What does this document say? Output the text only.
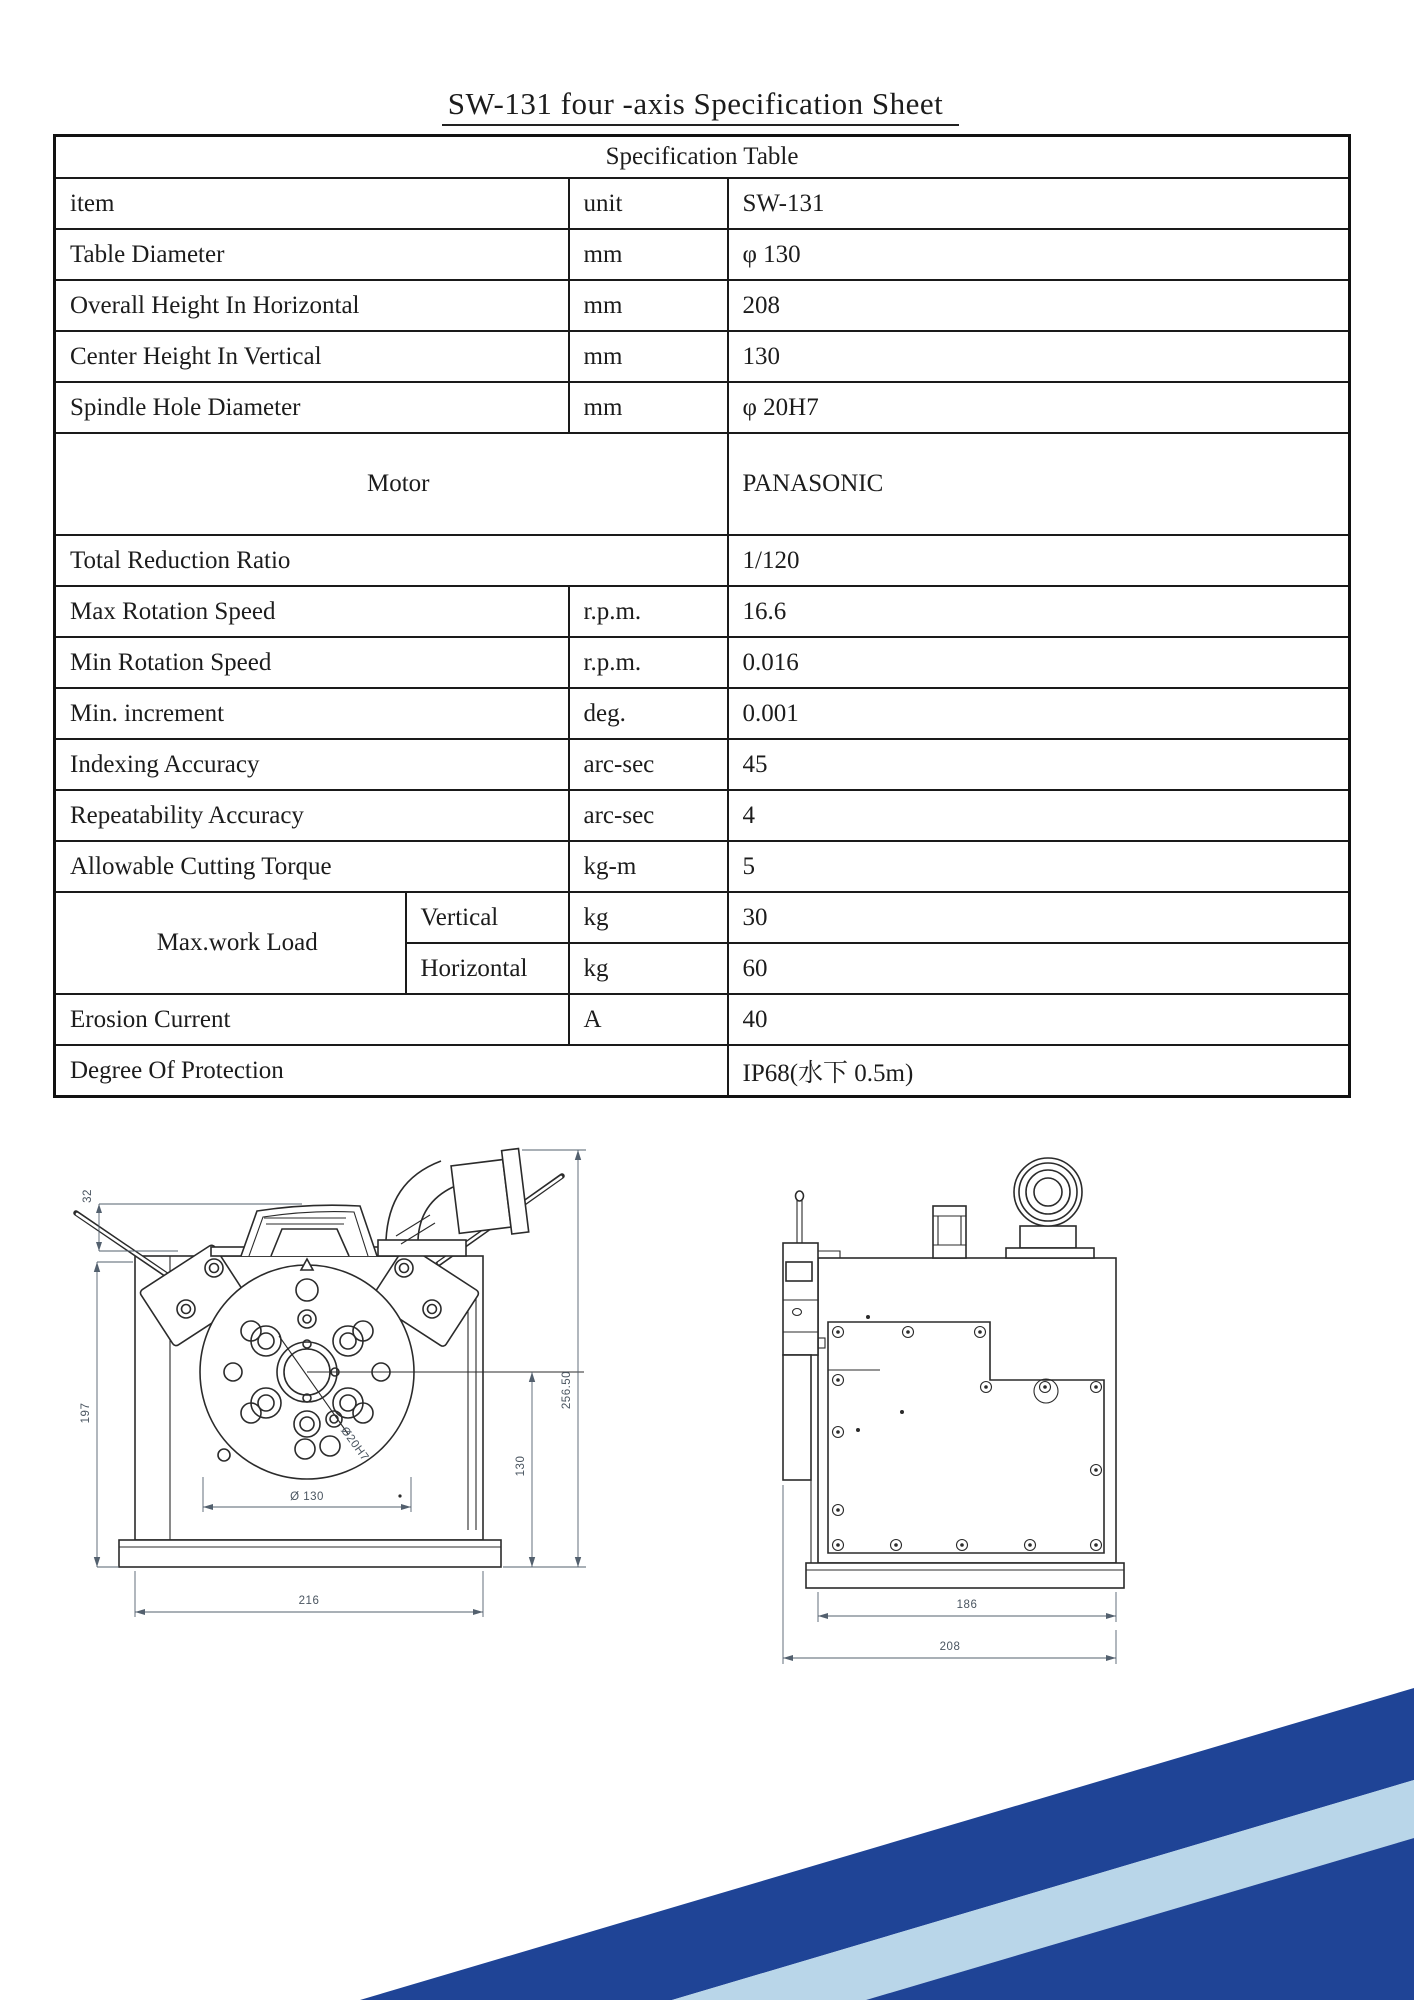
SW-131 four -axis Specification Sheet
Specification Table			
item		unit	SW-131
Table Diameter		mm	φ 130
Overall Height In Horizontal		mm	208
Center Height In Vertical		mm	130
Spindle Hole Diameter		mm	φ 20H7
Motor			PANASONIC
Total Reduction Ratio			1/120
Max Rotation Speed		r.p.m.	16.6
Min Rotation Speed		r.p.m.	0.016
Min. increment		deg.	0.001
Indexing Accuracy		arc-sec	45
Repeatability Accuracy		arc-sec	4
Allowable Cutting Torque		kg-m	5
Max.work Load	Vertical	kg	30
	Horizontal	kg	60
Erosion Current		A	40
Degree Of Protection			IP68(水下 0.5m)
Ø20H7
32
197
256.50
130
Ø 130
216	186
208
